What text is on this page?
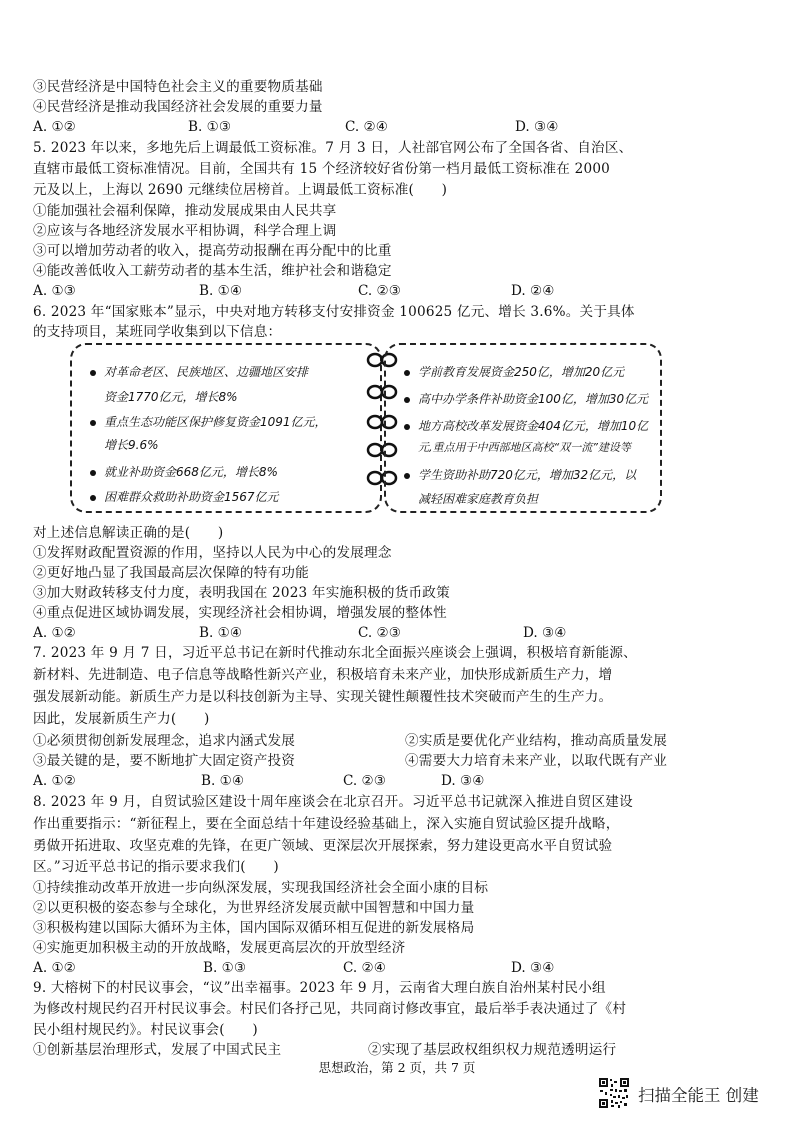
③民营经济是中国特色社会主义的重要物质基础
④民营经济是推动我国经济社会发展的重要力量
A. ①②	B. ①③	C. ②④	D. ③④
5. 2023 年以来，多地先后上调最低工资标准。7 月 3 日，人社部官网公布了全国各省、自治区、
直辖市最低工资标准情况。目前，全国共有 15 个经济较好省份第一档月最低工资标准在 2000
元及以上，上海以 2690 元继续位居榜首。上调最低工资标准(　　)
①能加强社会福利保障，推动发展成果由人民共享
②应该与各地经济发展水平相协调，科学合理上调
③可以增加劳动者的收入，提高劳动报酬在再分配中的比重
④能改善低收入工薪劳动者的基本生活，维护社会和谐稳定
A. ①③	B. ①④	C. ②③	D. ②④
6. 2023 年“国家账本”显示，中央对地方转移支付安排资金 100625 亿元、增长 3.6%。关于具体
的支持项目，某班同学收集到以下信息：
对革命老区、民族地区、边疆地区安排
资金1770亿元，增长8%
重点生态功能区保护修复资金1091亿元，
增长9.6%
就业补助资金668亿元，增长8%
困难群众救助补助资金1567亿元
学前教育发展资金250亿，增加20亿元
高中办学条件补助资金100亿，增加30亿元
地方高校改革发展资金404亿元，增加10亿
元,重点用于中西部地区高校“双一流”建设等
学生资助补助720亿元，增加32亿元，以
减轻困难家庭教育负担
对上述信息解读正确的是(　　)
①发挥财政配置资源的作用，坚持以人民为中心的发展理念
②更好地凸显了我国最高层次保障的特有功能
③加大财政转移支付力度，表明我国在 2023 年实施积极的货币政策
④重点促进区域协调发展，实现经济社会相协调，增强发展的整体性
A. ①②	B. ①④	C. ②③	D. ③④
7. 2023 年 9 月 7 日，习近平总书记在新时代推动东北全面振兴座谈会上强调，积极培育新能源、
新材料、先进制造、电子信息等战略性新兴产业，积极培育未来产业，加快形成新质生产力，增
强发展新动能。新质生产力是以科技创新为主导、实现关键性颠覆性技术突破而产生的生产力。
因此，发展新质生产力(　　)
①必须贯彻创新发展理念，追求内涵式发展	②实质是要优化产业结构，推动高质量发展
③最关键的是，要不断地扩大固定资产投资	④需要大力培育未来产业，以取代既有产业
A. ①②	B. ①④	C. ②③	D. ③④
8. 2023 年 9 月，自贸试验区建设十周年座谈会在北京召开。习近平总书记就深入推进自贸区建设
作出重要指示：“新征程上，要在全面总结十年建设经验基础上，深入实施自贸试验区提升战略，
勇做开拓进取、攻坚克难的先锋，在更广领域、更深层次开展探索，努力建设更高水平自贸试验
区。”习近平总书记的指示要求我们(　　)
①持续推动改革开放进一步向纵深发展，实现我国经济社会全面小康的目标
②以更积极的姿态参与全球化，为世界经济发展贡献中国智慧和中国力量
③积极构建以国际大循环为主体，国内国际双循环相互促进的新发展格局
④实施更加积极主动的开放战略，发展更高层次的开放型经济
A. ①②	B. ①③	C. ②④	D. ③④
9. 大榕树下的村民议事会，“议”出幸福事。2023 年 9 月，云南省大理白族自治州某村民小组
为修改村规民约召开村民议事会。村民们各抒己见，共同商讨修改事宜，最后举手表决通过了《村
民小组村规民约》。村民议事会(　　)
①创新基层治理形式，发展了中国式民主	②实现了基层政权组织权力规范透明运行
思想政治，第 2 页，共 7 页
扫描全能王 创建
